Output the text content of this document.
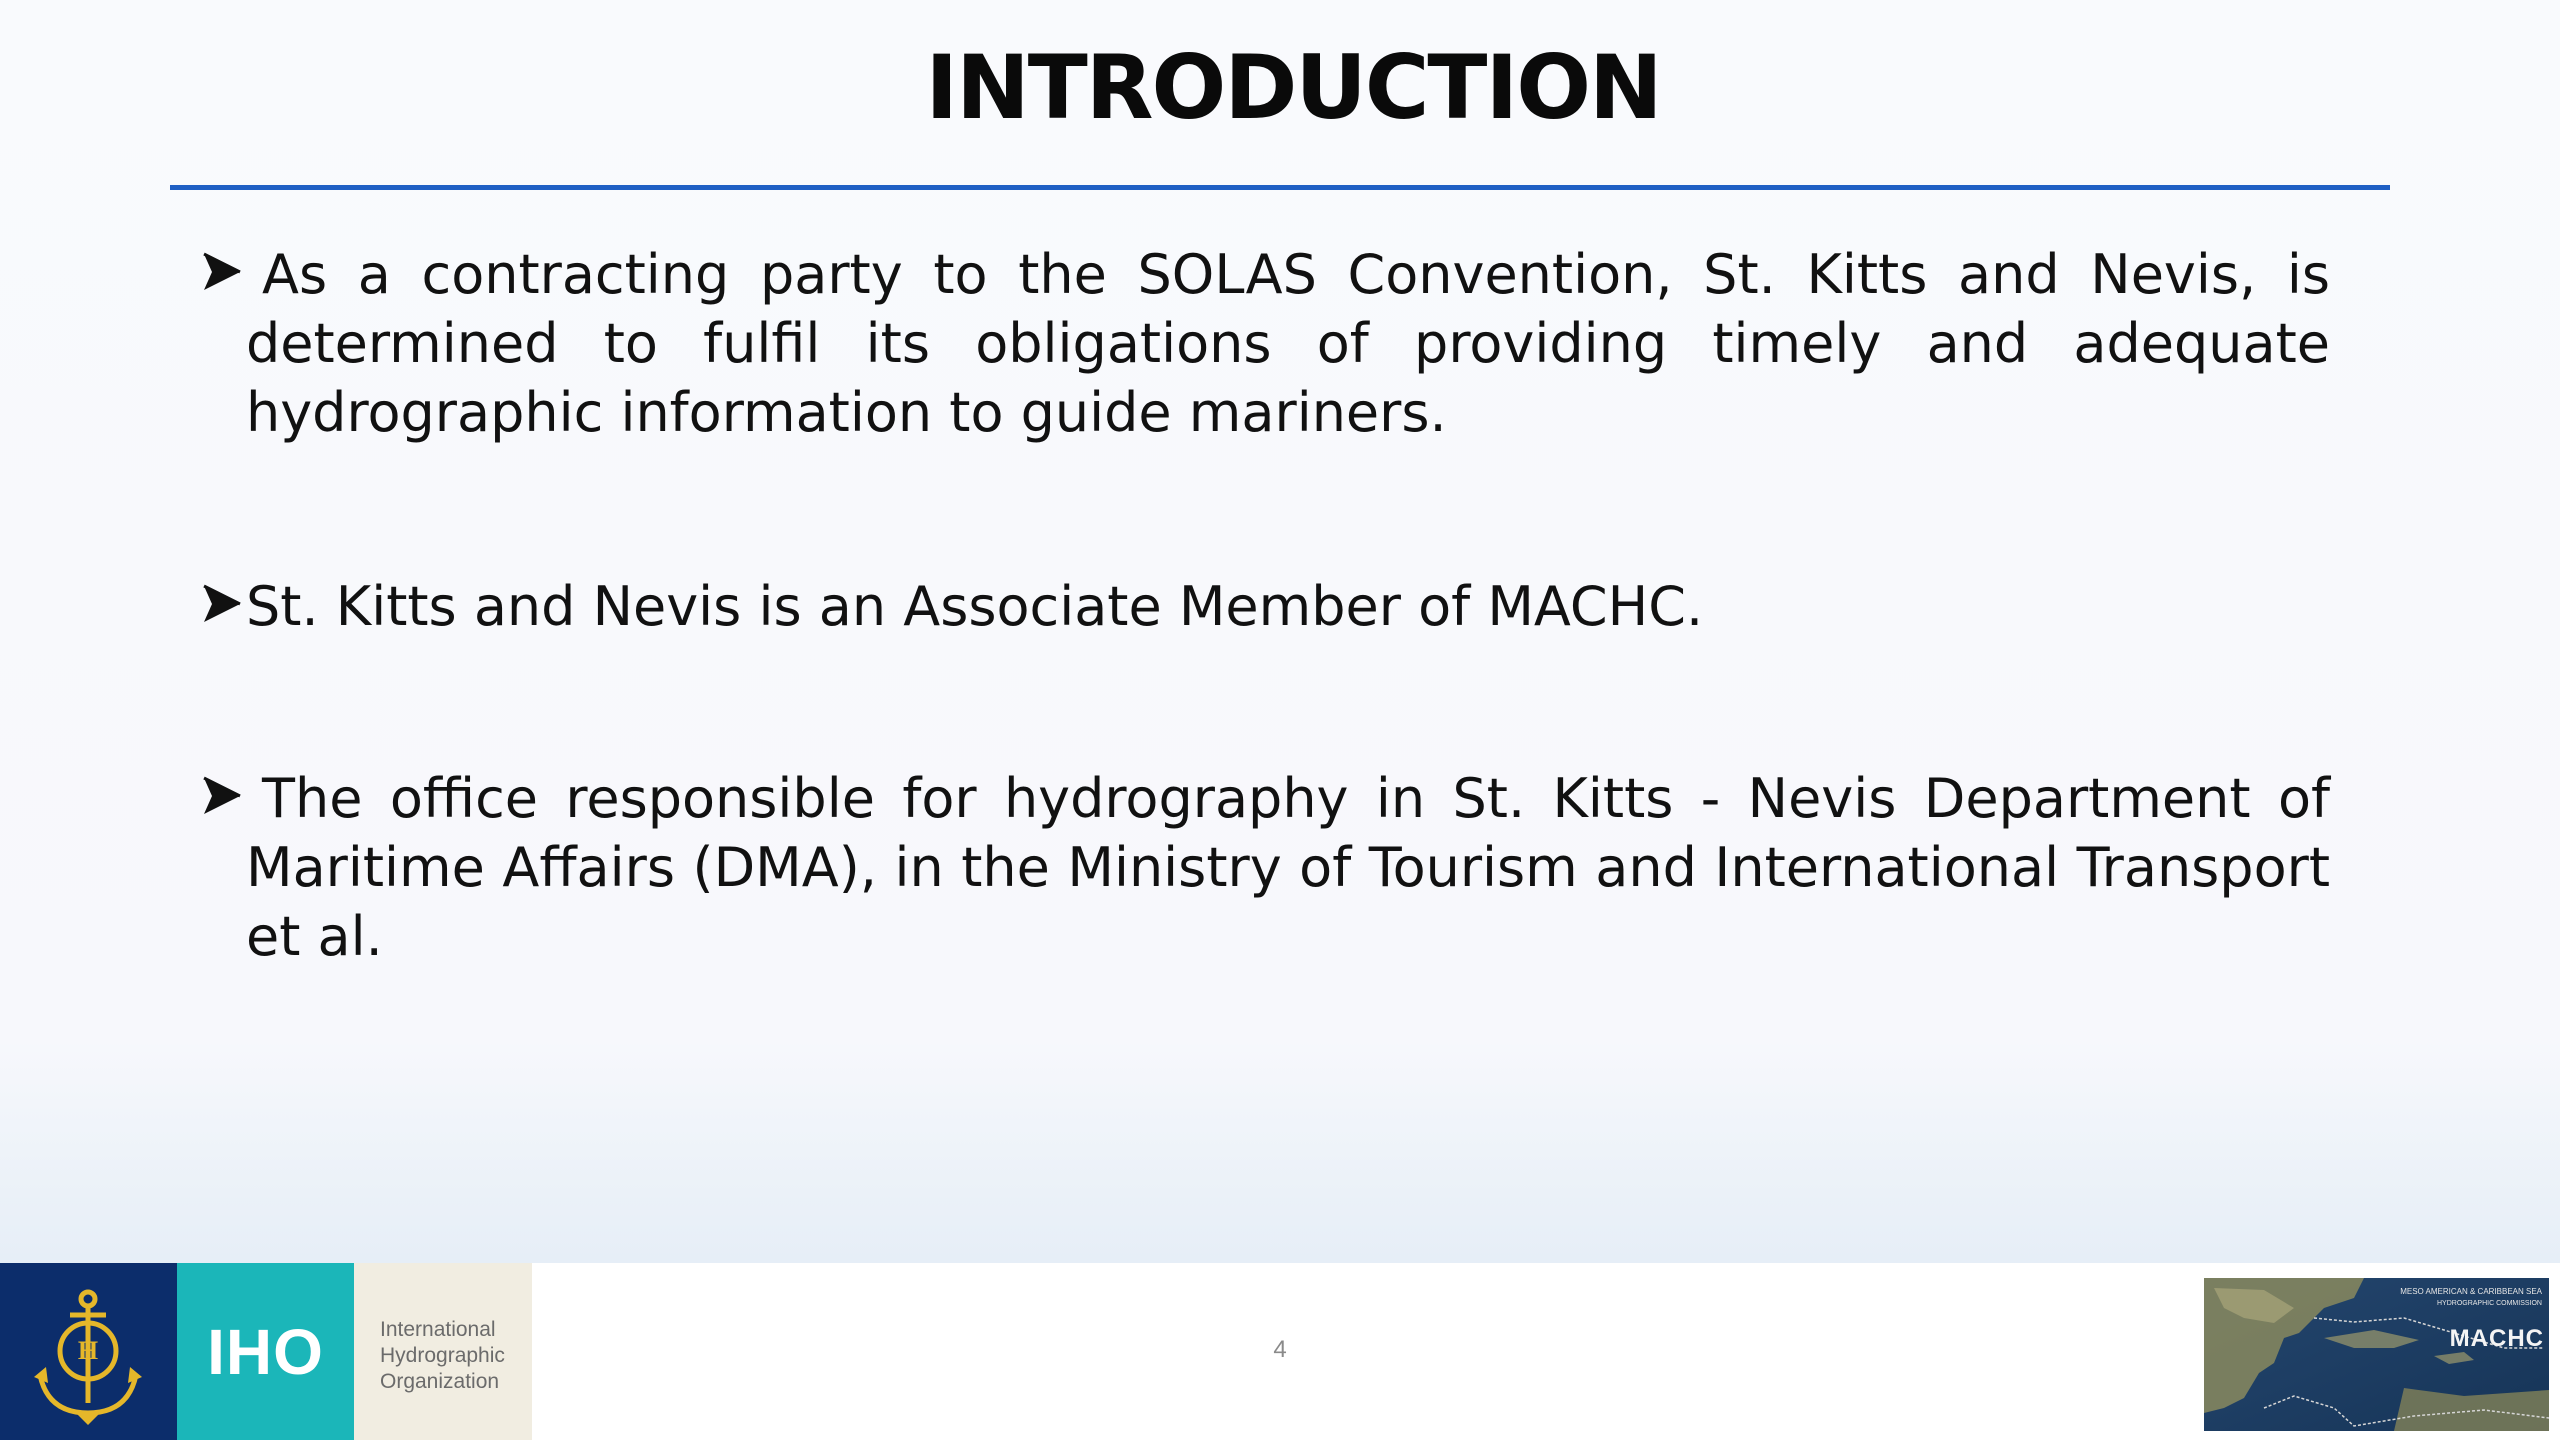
INTRODUCTION
As a contracting party to the SOLAS Convention, St. Kitts and Nevis, is determined to fulfil its obligations of providing timely and adequate hydrographic information to guide mariners.
St. Kitts and Nevis is an Associate Member of MACHC.
The office responsible for hydrography in St. Kitts - Nevis Department of Maritime Affairs (DMA), in the Ministry of Tourism and International Transport et al.
H	IHO	International
Hydrographic
Organization
4
MESO AMERICAN & CARIBBEAN SEA
HYDROGRAPHIC COMMISSION
MACHC
